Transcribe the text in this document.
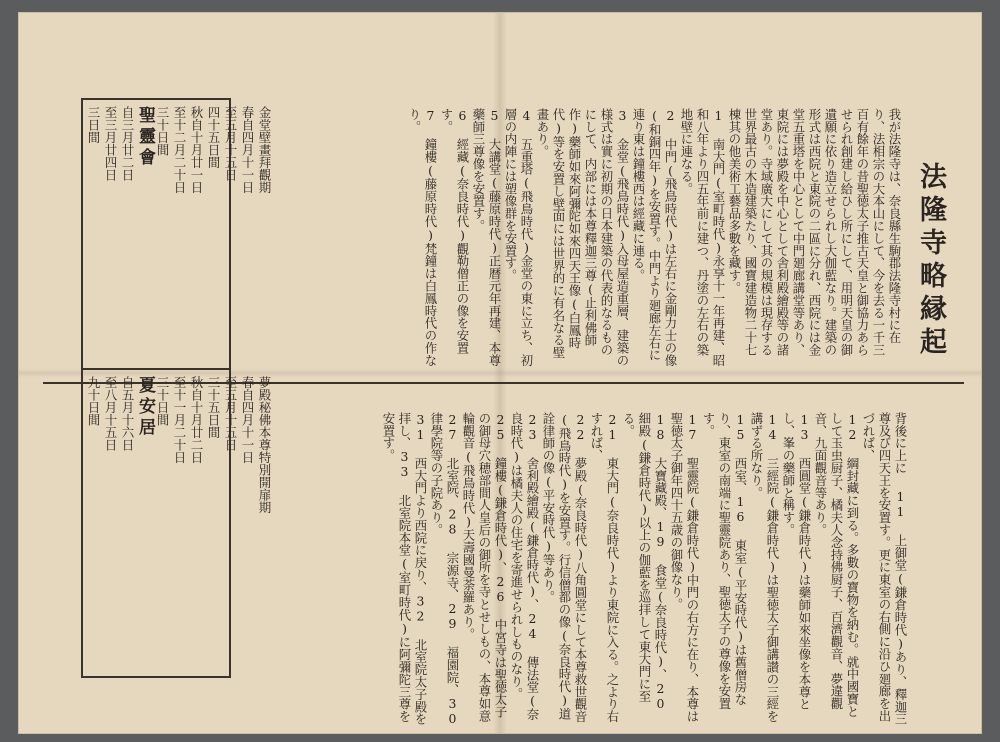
法隆寺略縁起
我が法隆寺は、奈良縣生駒郡法隆寺村に在り、法相宗の大本山にして、今を去る一千三百有餘年の昔聖徳太子推古天皇と御協力あらせられ創建し給ひし所にして、用明天皇の御遺願に依り造立せられし大伽藍なり。建築の形式は西院と東院の二區に分れ、西院には金堂五重塔を中心として中門廻廊講堂等あり、東院には夢殿を中心として舎利殿繪殿等の諸堂あり。寺域廣大にして其の規模は現存する世界最古の木造建築たり、國寶建造物二十七棟其の他美術工藝品多數を藏す。
1 南大門(室町時代)永享十一年再建、昭和八年より四五年前に建つ、丹塗の左右の築地壁に連なる。
2 中門(飛鳥時代)は左右に金剛力士の像(和銅四年)を安置す。中門より廻廊左右に連り東は鐘樓西は經藏に連る。
3 金堂(飛鳥時代)入母屋造重層、建築の様式は實に初期の日本建築の代表的なるものにして、内部には本尊釋迦三尊(止利佛師作)藥師如來阿彌陀如來四天王像(白鳳時代)等を安置し壁面には世界的に有名なる壁畫あり。
4 五重塔(飛鳥時代)金堂の東に立ち、初層の内陣には塑像群を安置す。
5 大講堂(藤原時代)正暦元年再建、本尊藥師三尊像を安置す。
6 經藏(奈良時代)觀勒僧正の像を安置す。
7 鐘樓(藤原時代)梵鐘は白鳳時代の作なり。
背後に上に 11 上御堂(鎌倉時代)あり、釋迦三尊及び四天王を安置す。更に東室の右側に沿ひ廻廊を出づれば、
12 綱封藏に到る。多數の寶物を納む。就中國寶として玉虫厨子、橘夫人念持佛厨子、百濟觀音、夢違觀音、九面觀音等あり。
13 西圓堂(鎌倉時代)は藥師如來坐像を本尊とし、峯の藥師と稱す。
14 三經院(鎌倉時代)は聖徳太子御講讃の三經を講ずる所なり。
15 西室、16 東室(平安時代)は舊僧房なり、東室の南端に聖靈院あり、聖徳太子の尊像を安置す。
17 聖靈院(鎌倉時代)中門の右方に在り、本尊は聖徳太子御年四十五歳の御像なり。
18 大寶藏殿、19 食堂(奈良時代)、20 細殿(鎌倉時代)以上の伽藍を巡拝して東大門に至る。
21 東大門(奈良時代)より東院に入る。之より右すれば、
22 夢殿(奈良時代)八角圓堂にして本尊救世觀音(飛鳥時代)を安置す。行信僧都の像(奈良時代)道詮律師の像(平安時代)等あり。
23 舍利殿繪殿(鎌倉時代)、24 傳法堂(奈良時代)は橘夫人の住宅を寄進せられしものなり。
25 鐘樓(鎌倉時代)、26 中宮寺は聖徳太子の御母穴穂部間人皇后の御所を寺とせしもの、本尊如意輪觀音(飛鳥時代)天壽國曼荼羅あり。
27 北室院、28 宗源寺、29 福園院、30 律學院等の子院あり。
31 西大門より西院に戻り、32 北室院太子殿を拝し、33 北室院本堂(室町時代)に阿彌陀三尊を安置す。
金堂壁畫拜觀期
春自四月十一日
至五月十五日
四十五日間
秋自十月廿一日
至十二月二十日
三十日間
聖靈會
自三月廿二日
至三月廿四日
三日間
夢殿秘佛本尊特別開扉期
春自四月十一日
至五月十五日
三十五日間
秋自十月廿二日
至十一月二十日
三十日間
夏安居
自五月十六日
至八月十五日
九十日間
